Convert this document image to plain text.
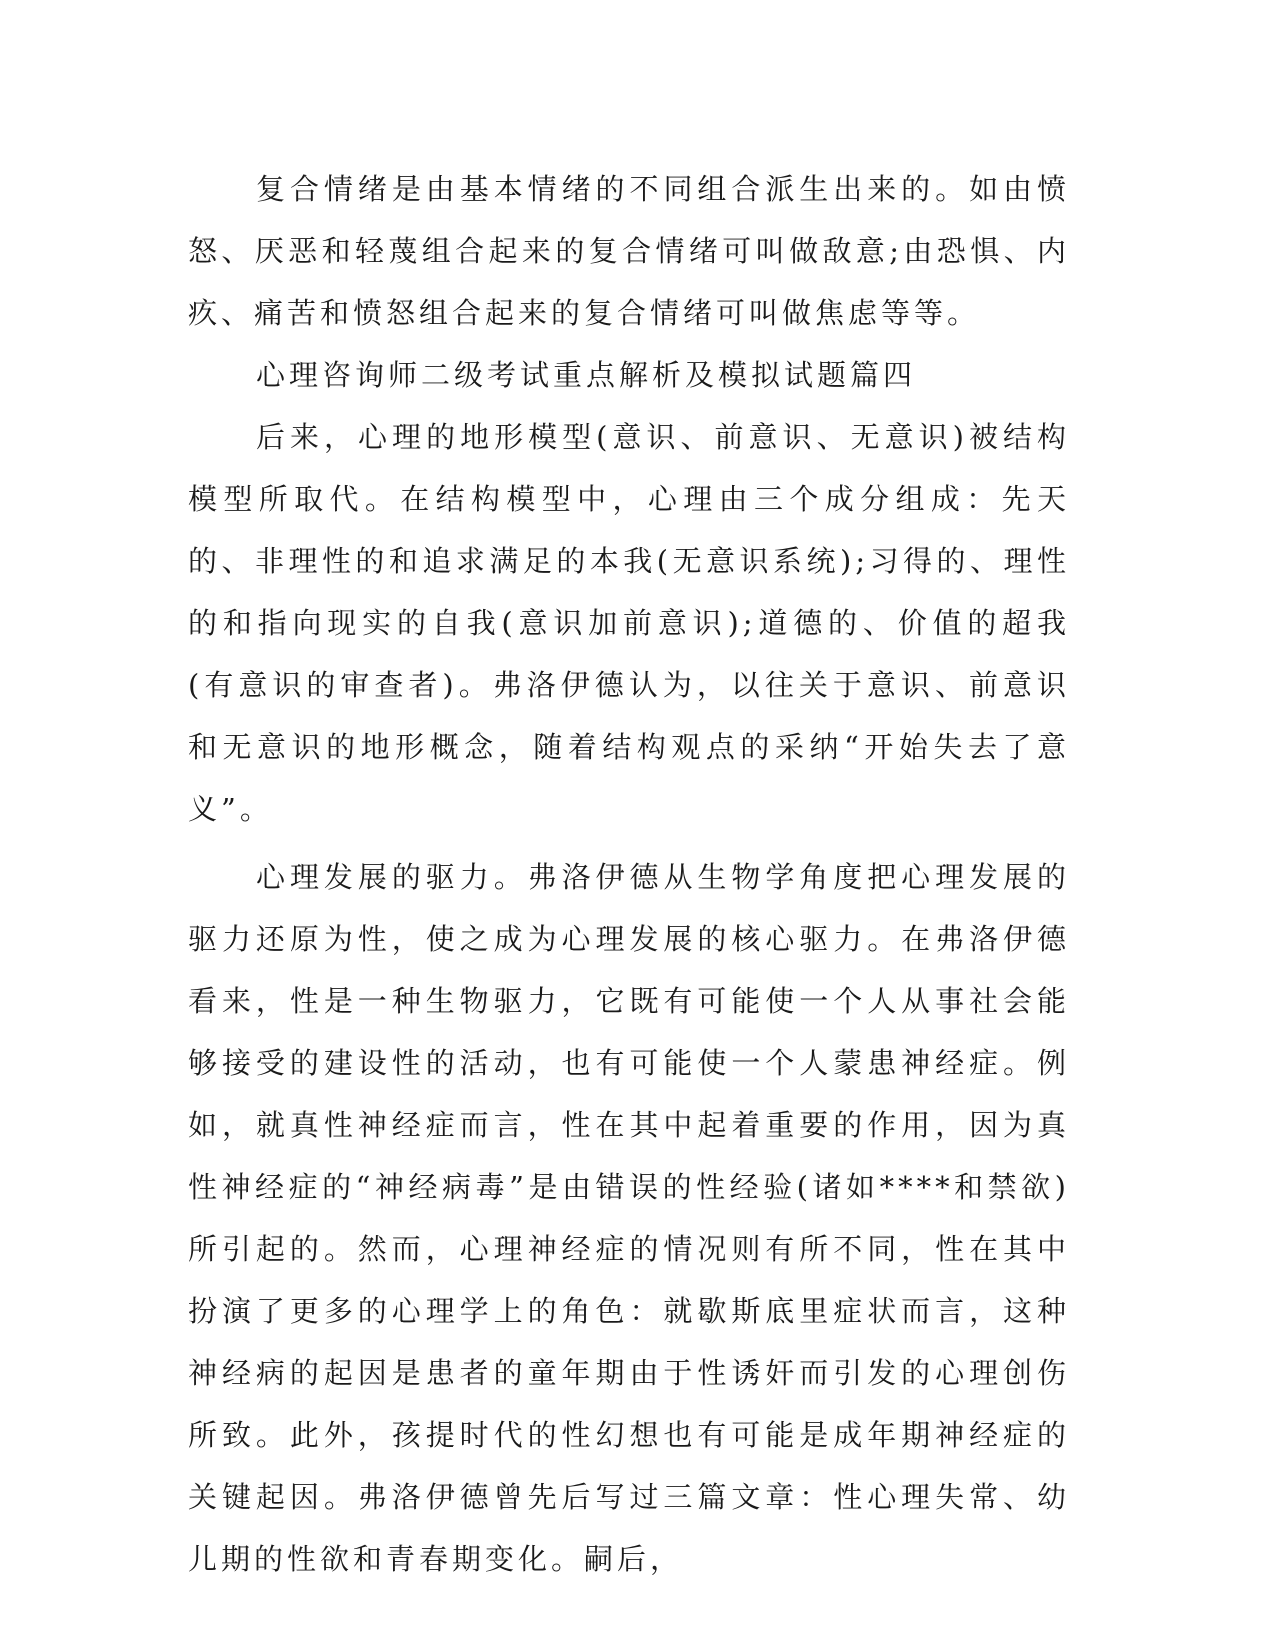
复合情绪是由基本情绪的不同组合派生出来的。如由愤怒、厌恶和轻蔑组合起来的复合情绪可叫做敌意;由恐惧、内疚、痛苦和愤怒组合起来的复合情绪可叫做焦虑等等。

心理咨询师二级考试重点解析及模拟试题篇四

后来，心理的地形模型(意识、前意识、无意识)被结构模型所取代。在结构模型中，心理由三个成分组成：先天的、非理性的和追求满足的本我(无意识系统);习得的、理性的和指向现实的自我(意识加前意识);道德的、价值的超我(有意识的审查者)。弗洛伊德认为，以往关于意识、前意识和无意识的地形概念，随着结构观点的采纳“开始失去了意义”。

心理发展的驱力。弗洛伊德从生物学角度把心理发展的驱力还原为性，使之成为心理发展的核心驱力。在弗洛伊德看来，性是一种生物驱力，它既有可能使一个人从事社会能够接受的建设性的活动，也有可能使一个人蒙患神经症。例如，就真性神经症而言，性在其中起着重要的作用，因为真性神经症的“神经病毒”是由错误的性经验(诸如****和禁欲)所引起的。然而，心理神经症的情况则有所不同，性在其中扮演了更多的心理学上的角色：就歇斯底里症状而言，这种神经病的起因是患者的童年期由于性诱奸而引发的心理创伤所致。此外，孩提时代的性幻想也有可能是成年期神经症的关键起因。弗洛伊德曾先后写过三篇文章：性心理失常、幼儿期的性欲和青春期变化。嗣后，
